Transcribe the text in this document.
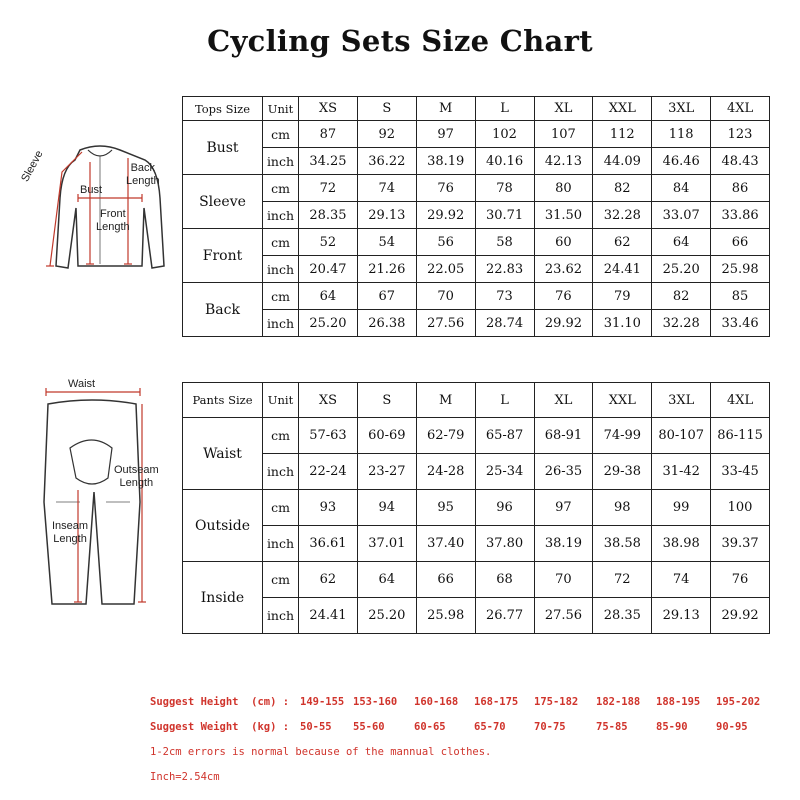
Cycling Sets Size Chart
Sleeve	Back
Length
Bust
Front
Length
Waist
Outseam
Length
Inseam
Length
Tops Size	Unit	XS	S	M	L	XL	XXL	3XL	4XL
Bust	cm	87	92	97	102	107	112	118	123
	inch	34.25	36.22	38.19	40.16	42.13	44.09	46.46	48.43
Sleeve	cm	72	74	76	78	80	82	84	86
	inch	28.35	29.13	29.92	30.71	31.50	32.28	33.07	33.86
Front	cm	52	54	56	58	60	62	64	66
	inch	20.47	21.26	22.05	22.83	23.62	24.41	25.20	25.98
Back	cm	64	67	70	73	76	79	82	85
	inch	25.20	26.38	27.56	28.74	29.92	31.10	32.28	33.46
Pants Size	Unit	XS	S	M	L	XL	XXL	3XL	4XL
Waist	cm	57-63	60-69	62-79	65-87	68-91	74-99	80-107	86-115
	inch	22-24	23-27	24-28	25-34	26-35	29-38	31-42	33-45
Outside	cm	93	94	95	96	97	98	99	100
	inch	36.61	37.01	37.40	37.80	38.19	38.58	38.98	39.37
Inside	cm	62	64	66	68	70	72	74	76
	inch	24.41	25.20	25.98	26.77	27.56	28.35	29.13	29.92
Suggest Height  (cm) : 149-155 153-160 160-168 168-175 175-182 182-188 188-195 195-202
Suggest Weight  (kg) : 50-55 55-60	60-65	65-70	70-75	75-85	85-90	90-95
1-2cm errors is normal because of the mannual clothes.
Inch=2.54cm
